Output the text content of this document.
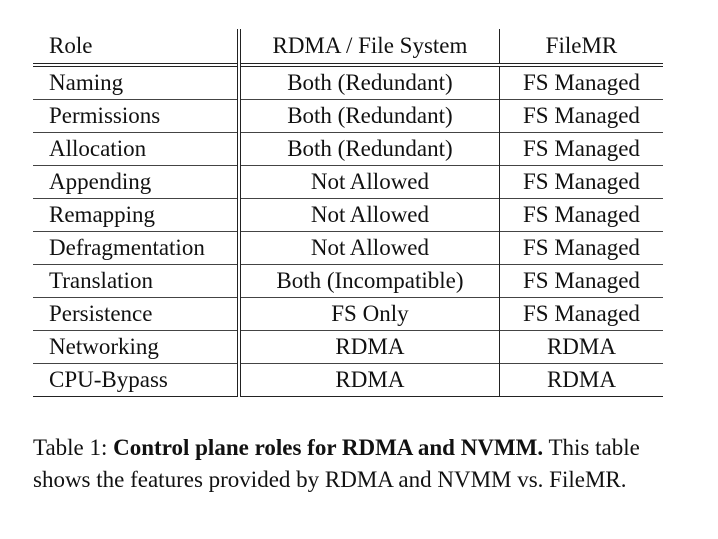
Role	RDMA / File System	FileMR
Naming	Both (Redundant)	FS Managed
Permissions	Both (Redundant)	FS Managed
Allocation	Both (Redundant)	FS Managed
Appending	Not Allowed	FS Managed
Remapping	Not Allowed	FS Managed
Defragmentation	Not Allowed	FS Managed
Translation	Both (Incompatible)	FS Managed
Persistence	FS Only	FS Managed
Networking	RDMA	RDMA
CPU-Bypass	RDMA	RDMA
Table 1: Control plane roles for RDMA and NVMM. This table shows the features provided by RDMA and NVMM vs. FileMR.
